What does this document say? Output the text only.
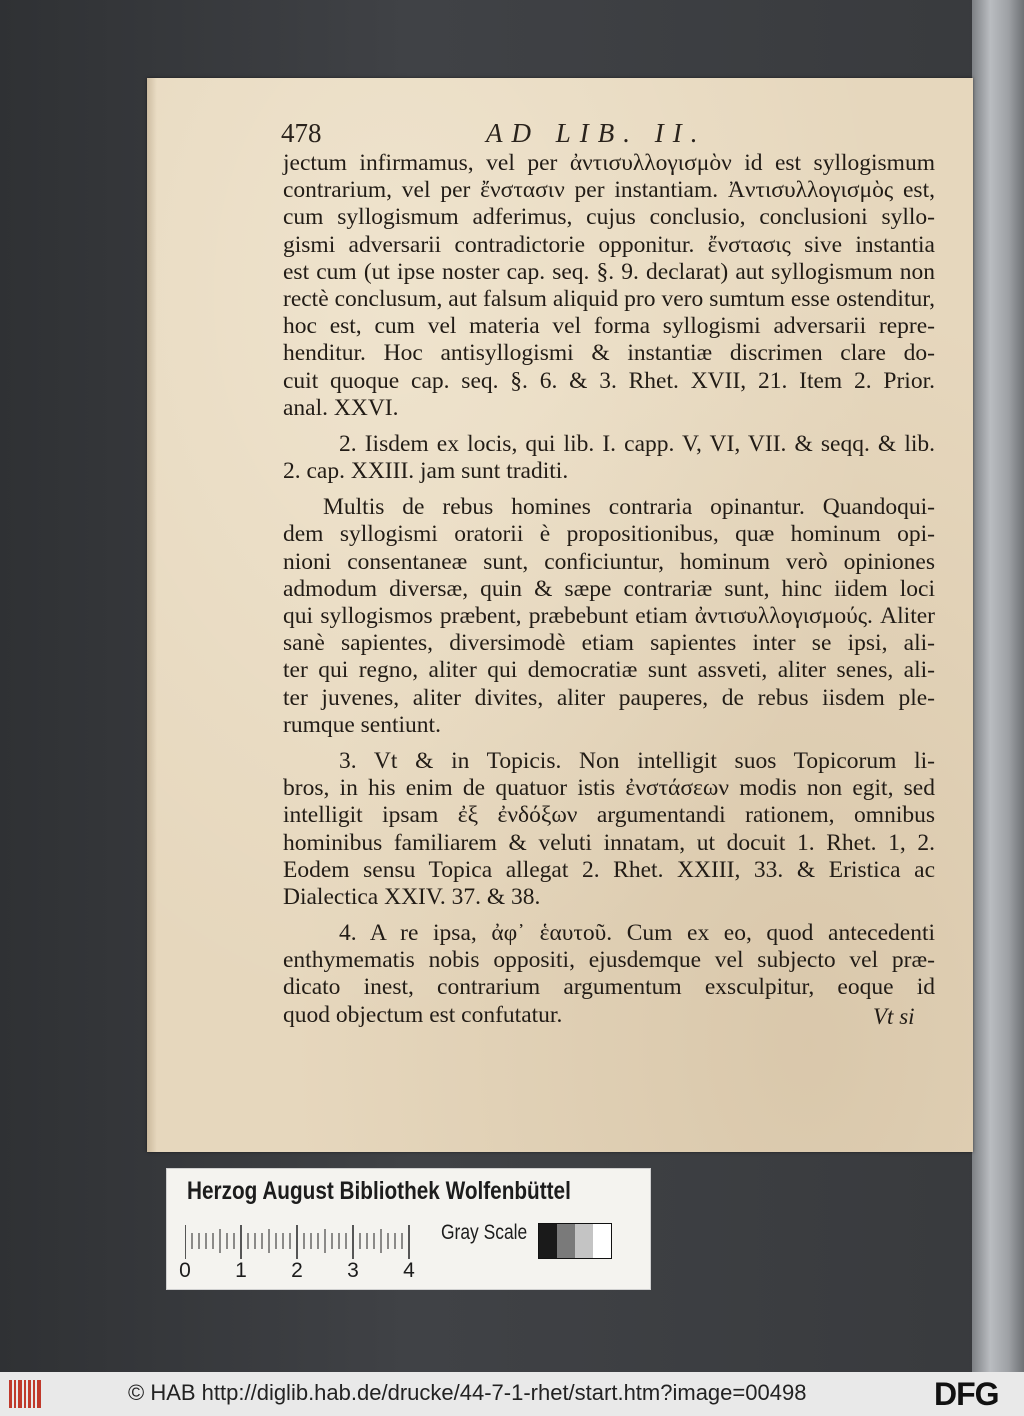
478	AD LIB. II.
jectum infirmamus, vel per ἀντισυλλογισμὸν id est syllogismum
contrarium, vel per ἔνστασιν per instantiam. Ἀντισυλλογισμὸς est,
cum syllogismum adferimus, cujus conclusio, conclusioni syllo-
gismi adversarii contradictorie opponitur. ἔνστασις sive instantia
est cum (ut ipse noster cap. seq. §. 9. declarat) aut syllogismum non
rectè conclusum, aut falsum aliquid pro vero sumtum esse ostenditur,
hoc est, cum vel materia vel forma syllogismi adversarii repre-
henditur. Hoc antisyllogismi & instantiæ discrimen clare do-
cuit quoque cap. seq. §. 6. & 3. Rhet. XVII, 21. Item 2. Prior.
anal. XXVI.
2. Iisdem ex locis, qui lib. I. capp. V, VI, VII. & seqq. & lib.
2. cap. XXIII. jam sunt traditi.
Multis de rebus homines contraria opinantur. Quandoqui-
dem syllogismi oratorii è propositionibus, quæ hominum opi-
nioni consentaneæ sunt, conficiuntur, hominum verò opiniones
admodum diversæ, quin & sæpe contrariæ sunt, hinc iidem loci
qui syllogismos præbent, præbebunt etiam ἀντισυλλογισμούς. Aliter
sanè sapientes, diversimodè etiam sapientes inter se ipsi, ali-
ter qui regno, aliter qui democratiæ sunt assveti, aliter senes, ali-
ter juvenes, aliter divites, aliter pauperes, de rebus iisdem ple-
rumque sentiunt.
3. Vt & in Topicis. Non intelligit suos Topicorum li-
bros, in his enim de quatuor istis ἐνστάσεων modis non egit, sed
intelligit ipsam ἐξ ἐνδόξων argumentandi rationem, omnibus
hominibus familiarem & veluti innatam, ut docuit 1. Rhet. 1, 2.
Eodem sensu Topica allegat 2. Rhet. XXIII, 33. & Eristica ac
Dialectica XXIV. 37. & 38.
4. A re ipsa, ἀφ᾽ ἑαυτοῦ. Cum ex eo, quod antecedenti
enthymematis nobis oppositi, ejusdemque vel subjecto vel præ-
dicato inest, contrarium argumentum exsculpitur, eoque id
quod objectum est confutatur.	Vt si
Herzog August Bibliothek Wolfenbüttel
0 1 2 3 4
Gray Scale
© HAB http://diglib.hab.de/drucke/44-7-1-rhet/start.htm?image=00498	DFG
